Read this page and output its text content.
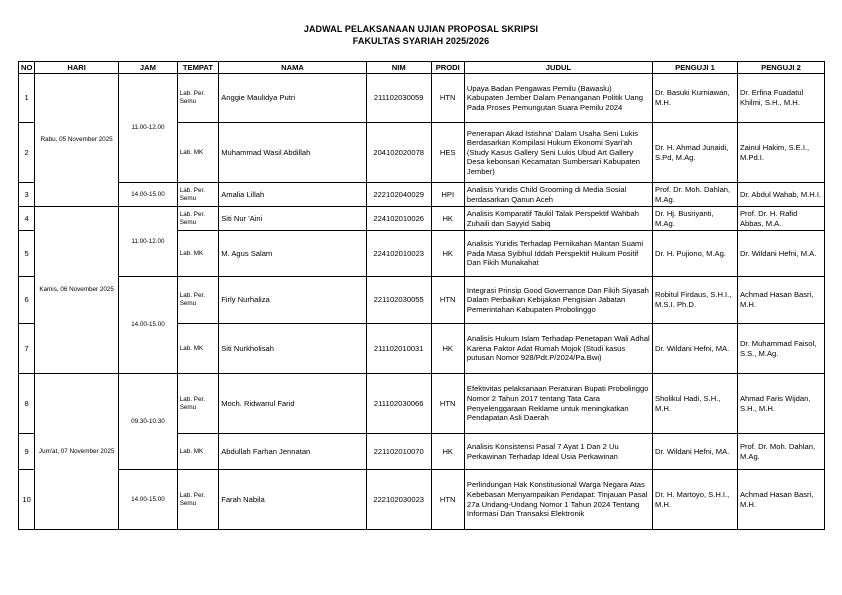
JADWAL PELAKSANAAN UJIAN PROPOSAL SKRIPSI
FAKULTAS SYARIAH 2025/2026
NO	HARI	JAM	TEMPAT	NAMA	NIM	PRODI	JUDUL	PENGUJI 1	PENGUJI 2
1	Rabu, 05 November 2025	11.00-12.00	Lab. Per. Semu	Anggie Maulidya Putri	211102030059	HTN	Upaya Badan Pengawas Pemilu (Bawaslu) Kabupaten Jember Dalam Penanganan Politik Uang Pada Proses Pemungutan Suara Pemilu 2024	Dr. Basuki Kurniawan, M.H.	Dr. Erfina Fuadatul Khilmi, S.H., M.H.
2			Lab. MK	Muhammad Wasil Abdillah	204102020078	HES	Penerapan Akad Istishna' Dalam Usaha Seni Lukis Berdasarkan Kompilasi Hukum Ekonomi Syari'ah (Study Kasus Gallery Seni Lukis Ubud Art Gallery Desa kebonsari Kecamatan Sumbersari Kabupaten Jember)	Dr. H. Ahmad Junaidi, S.Pd, M.Ag.	Zainul Hakim, S.E.I., M.Pd.I.
3		14.00-15.00	Lab. Per. Semu	Amalia Lillah	222102040029	HPI	Analisis Yuridis Child Grooming di Media Sosial berdasarkan Qanun Aceh	Prof. Dr. Moh. Dahlan, M.Ag.	Dr. Abdul Wahab, M.H.I.
4	Kamis, 06 November 2025	11.00-12.00	Lab. Per. Semu	Siti Nur 'Aini	224102010026	HK	Analisis Komparatif Taukil Talak Perspektif Wahbah Zuhaili dan Sayyid Sabiq	Dr. Hj. Busriyanti, M.Ag.	Prof. Dr. H. Rafid Abbas, M.A.
5			Lab. MK	M. Agus Salam	224102010023	HK	Analisis Yuridis Terhadap Pernikahan Mantan Suami Pada Masa Syibhul Iddah Perspektif Hukum Positif Dan Fikih Munakahat	Dr. H. Pujiono, M.Ag.	Dr. Wildani Hefni, M.A.
6		14.00-15.00	Lab. Per. Semu	Firly Nurhaliza	221102030055	HTN	Integrasi Prinsip Good Governance Dan Fikih Siyasah Dalam Perbaikan Kebijakan Pengisian Jabatan Pemerintahan Kabupaten Probolinggo	Robitul Firdaus, S.H.I., M.S.I. Ph.D.	Achmad Hasan Basri, M.H.
7			Lab. MK	Siti Nurkholisah	211102010031	HK	Analisis Hukum Islam Terhadap Penetapan Wali Adhal Karena Faktor Adat Rumah Mojok (Studi kasus putusan Nomor 928/Pdt.P/2024/Pa.Bwi)	Dr. Wildani Hefni, MA.	Dr. Muhammad Faisol, S.S., M.Ag.
8	Jum'at, 07 November 2025	09.30-10.30	Lab. Per. Semu	Moch. Ridwanul Farid	211102030066	HTN	Efektivitas pelaksanaan Peraturan Bupati Probolinggo Nomor 2 Tahun 2017 tentang Tata Cara Penyelenggaraan Reklame untuk meningkatkan Pendapatan Asli Daerah	Sholikul Hadi, S.H., M.H.	Ahmad Faris Wijdan, S.H., M.H.
9			Lab. MK	Abdullah Farhan Jennatan	221102010070	HK	Analisis Konsistensi Pasal 7 Ayat 1 Dan 2 Uu Perkawinan Terhadap Ideal Usia Perkawinan	Dr. Wildani Hefni, MA.	Prof. Dr. Moh. Dahlan, M.Ag.
10		14.00-15.00	Lab. Per. Semu	Farah Nabila	222102030023	HTN	Perlindungan Hak Konstitusional Warga Negara Atas Kebebasan Menyampaikan Pendapat: Tinjauan Pasal 27a Undang-Undang Nomor 1 Tahun 2024 Tentang Informasi Dan Transaksi Elektronik	Dr. H. Martoyo, S.H.I., M.H.	Achmad Hasan Basri, M.H.
